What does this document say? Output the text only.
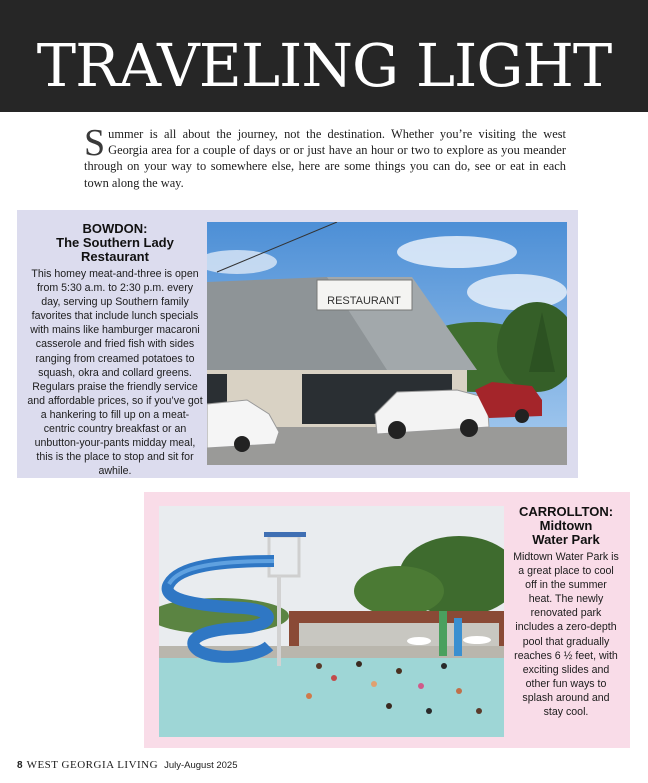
TRAVELING LIGHT
Summer is all about the journey, not the destination. Whether you’re visiting the west Georgia area for a couple of days or or just have an hour or two to explore as you meander through on your way to somewhere else, here are some things you can do, see or eat in each town along the way.
BOWDON:
The Southern Lady Restaurant
This homey meat-and-three is open from 5:30 a.m. to 2:30 p.m. every day, serving up Southern family favorites that include lunch specials with mains like hamburger macaroni casserole and fried fish with sides ranging from creamed potatoes to squash, okra and collard greens. Regulars praise the friendly service and affordable prices, so if you’ve got a hankering to fill up on a meat-centric country breakfast or an unbutton-your-pants midday meal, this is the place to stop and sit for awhile.
RESTAURANT
CARROLLTON:
Midtown
Water Park
Midtown Water Park is a great place to cool off in the summer heat. The newly renovated park includes a zero-depth pool that gradually reaches 6 ½ feet, with exciting slides and other fun ways to splash around and stay cool.
8 WEST GEORGIA LIVING July-August 2025
